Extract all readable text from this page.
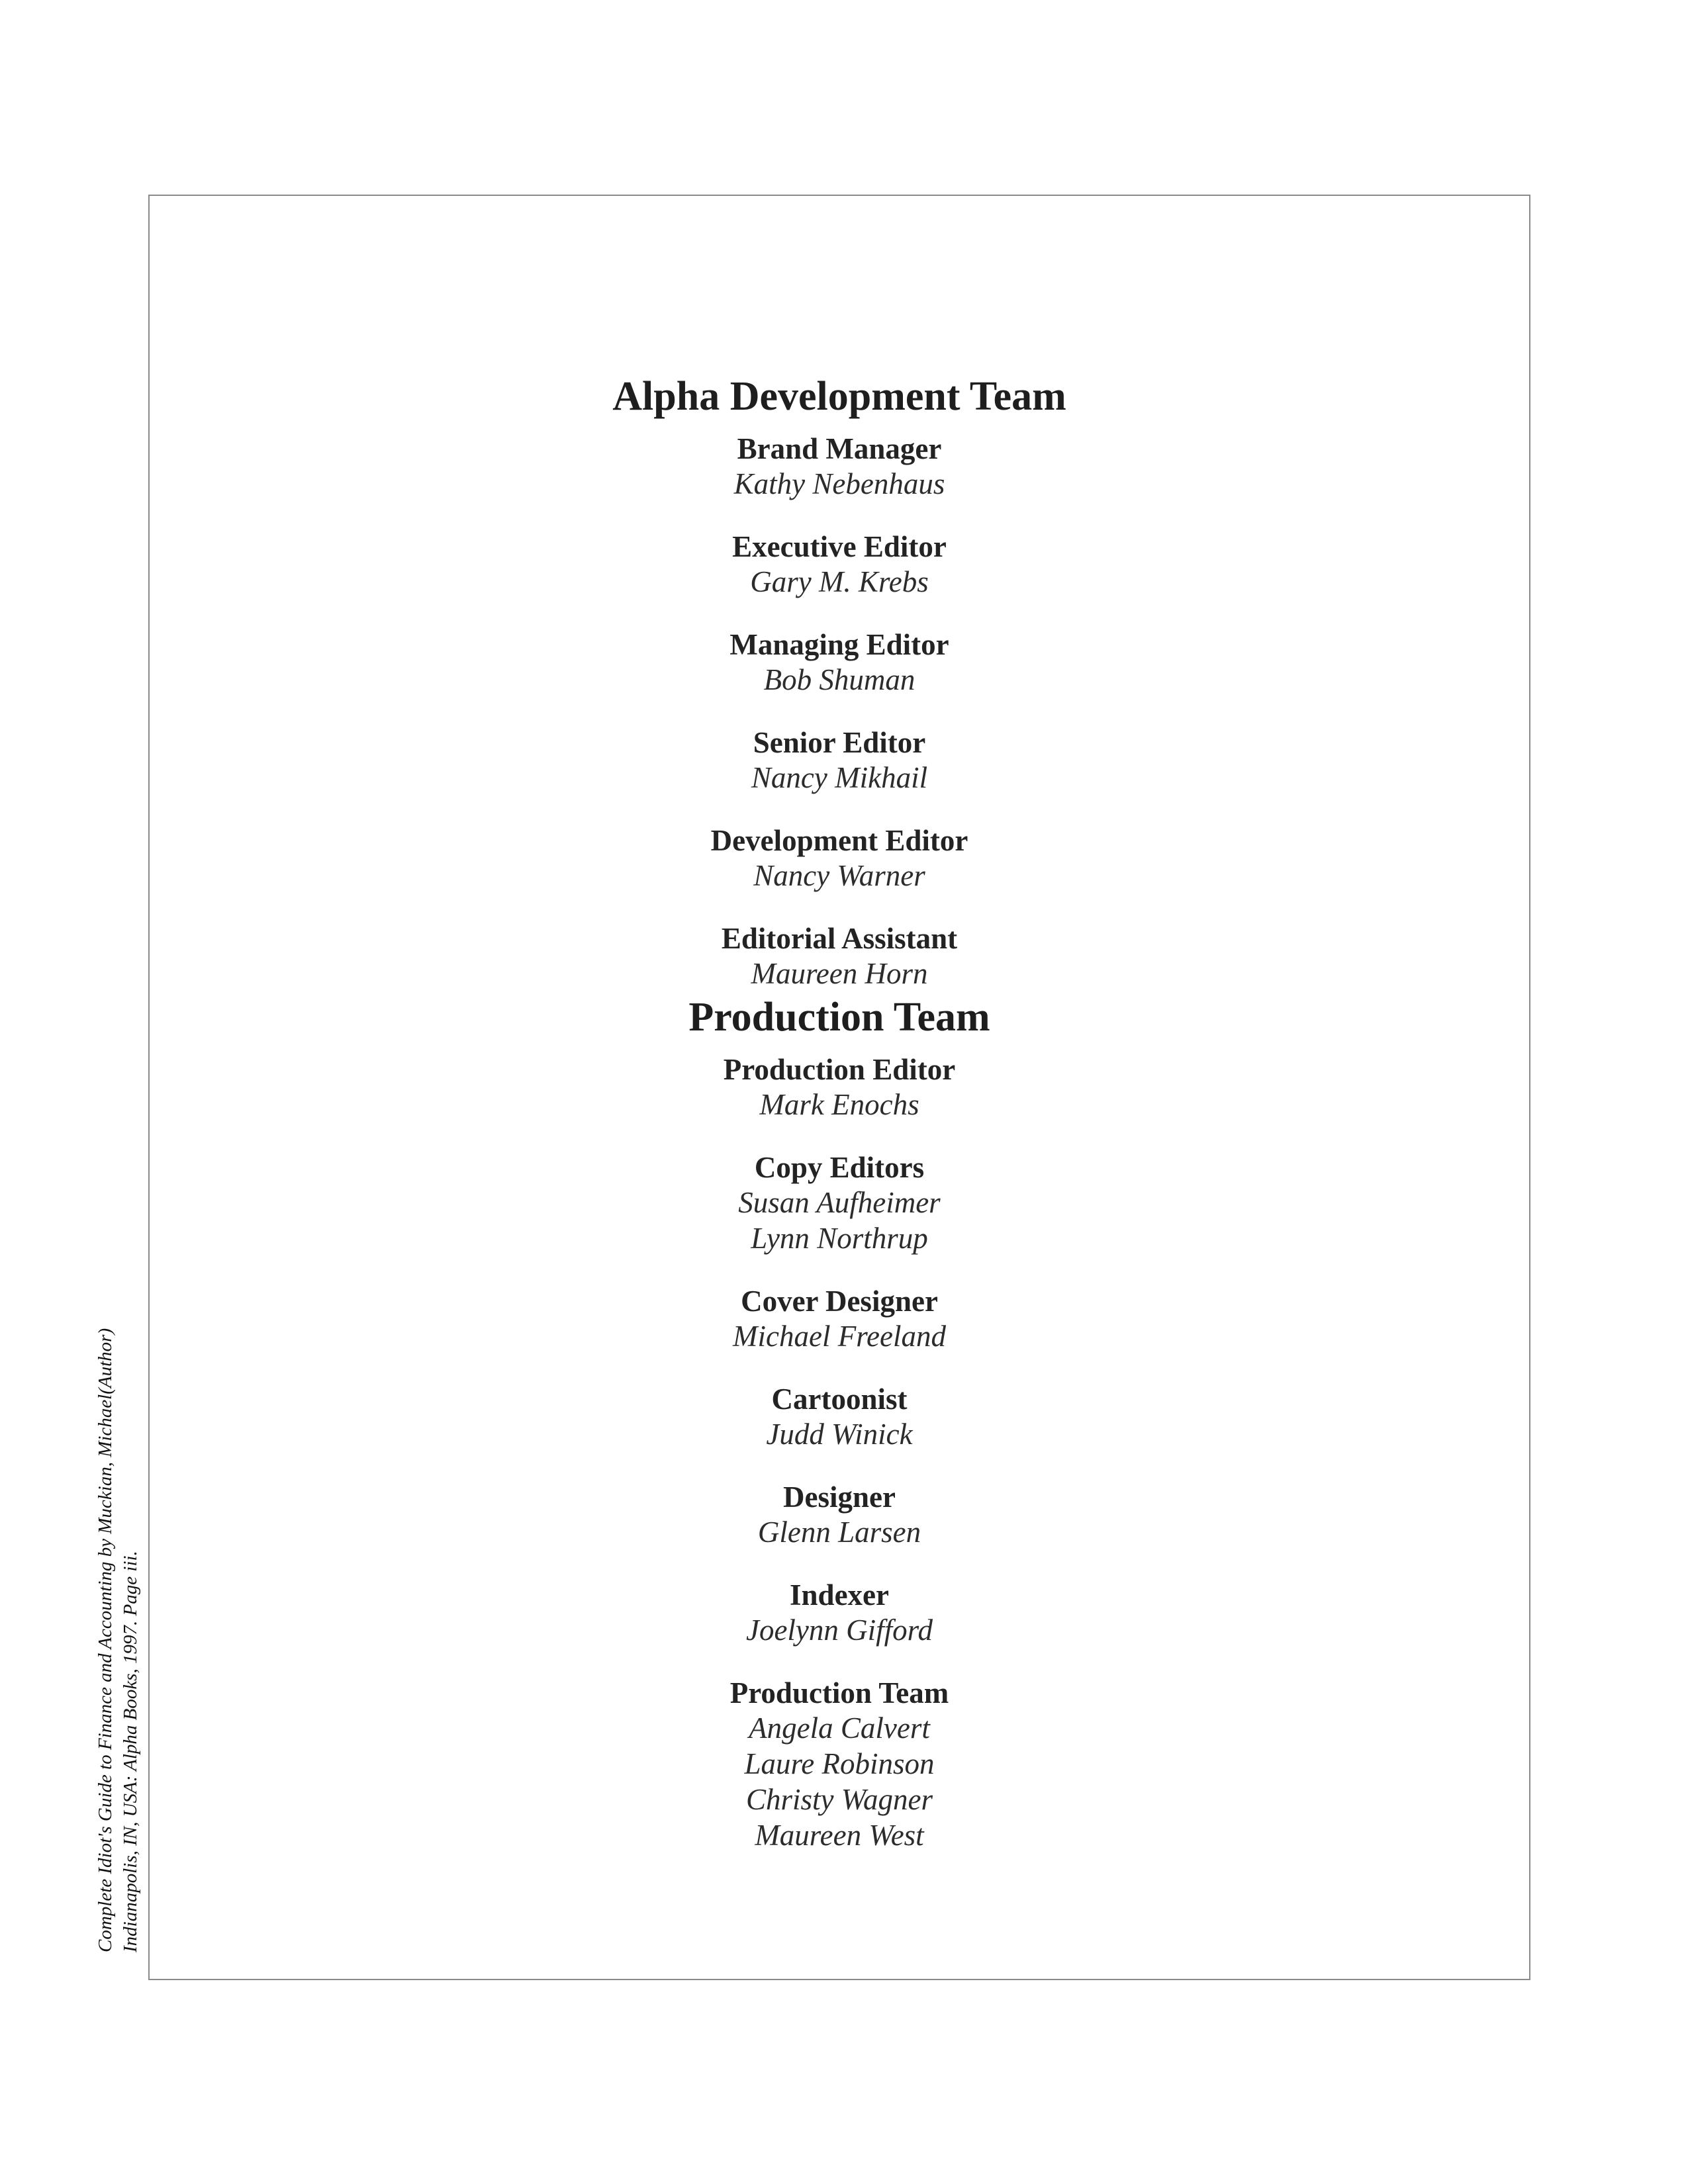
Alpha Development Team
Brand Manager
Kathy Nebenhaus
Executive Editor
Gary M. Krebs
Managing Editor
Bob Shuman
Senior Editor
Nancy Mikhail
Development Editor
Nancy Warner
Editorial Assistant
Maureen Horn
Production Team
Production Editor
Mark Enochs
Copy Editors
Susan Aufheimer
Lynn Northrup
Cover Designer
Michael Freeland
Cartoonist
Judd Winick
Designer
Glenn Larsen
Indexer
Joelynn Gifford
Production Team
Angela Calvert
Laure Robinson
Christy Wagner
Maureen West
Complete Idiot's Guide to Finance and Accounting by Muckian, Michael(Author) Indianapolis, IN, USA: Alpha Books, 1997. Page iii.
